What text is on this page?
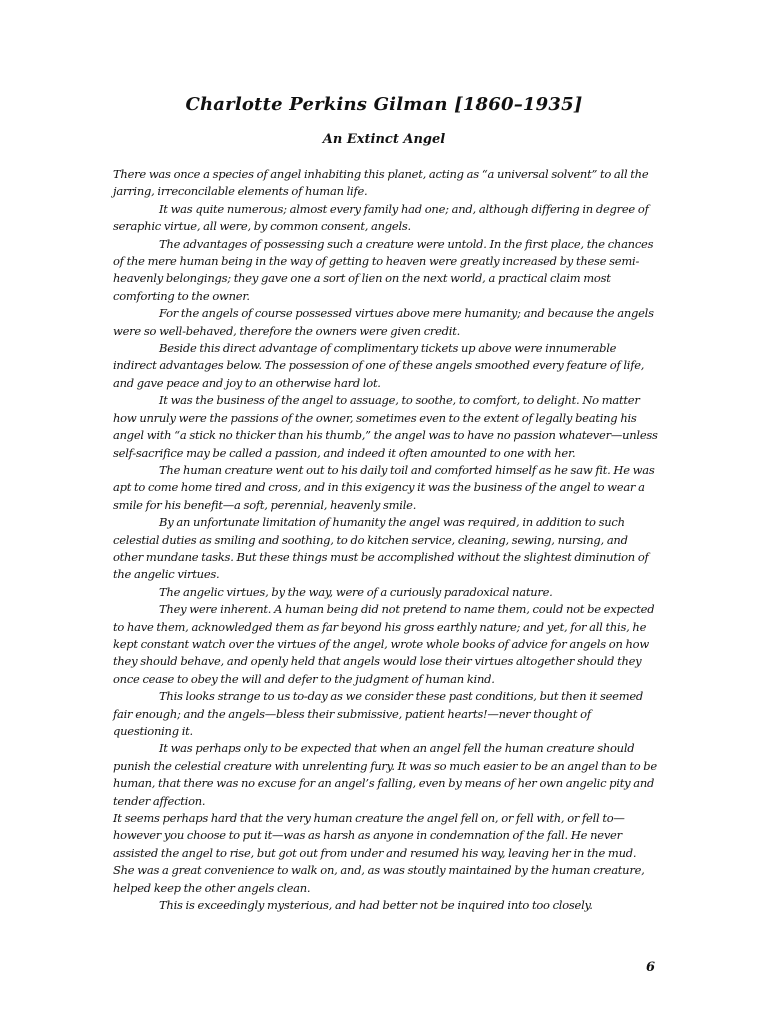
Charlotte Perkins Gilman [1860–1935]
An Extinct Angel

There was once a species of angel inhabiting this planet, acting as “a universal solvent” to all the jarring, irreconcilable elements of human life.

It was quite numerous; almost every family had one; and, although differing in degree of seraphic virtue, all were, by common consent, angels.

The advantages of possessing such a creature were untold. In the first place, the chances of the mere human being in the way of getting to heaven were greatly increased by these semi-heavenly belongings; they gave one a sort of lien on the next world, a practical claim most comforting to the owner.

For the angels of course possessed virtues above mere humanity; and because the angels were so well-behaved, therefore the owners were given credit.

Beside this direct advantage of complimentary tickets up above were innumerable indirect advantages below. The possession of one of these angels smoothed every feature of life, and gave peace and joy to an otherwise hard lot.

It was the business of the angel to assuage, to soothe, to comfort, to delight. No matter how unruly were the passions of the owner, sometimes even to the extent of legally beating his angel with “a stick no thicker than his thumb,” the angel was to have no passion whatever—unless self-sacrifice may be called a passion, and indeed it often amounted to one with her.

The human creature went out to his daily toil and comforted himself as he saw fit. He was apt to come home tired and cross, and in this exigency it was the business of the angel to wear a smile for his benefit—a soft, perennial, heavenly smile.

By an unfortunate limitation of humanity the angel was required, in addition to such celestial duties as smiling and soothing, to do kitchen service, cleaning, sewing, nursing, and other mundane tasks. But these things must be accomplished without the slightest diminution of the angelic virtues.

The angelic virtues, by the way, were of a curiously paradoxical nature.

They were inherent. A human being did not pretend to name them, could not be expected to have them, acknowledged them as far beyond his gross earthly nature; and yet, for all this, he kept constant watch over the virtues of the angel, wrote whole books of advice for angels on how they should behave, and openly held that angels would lose their virtues altogether should they once cease to obey the will and defer to the judgment of human kind.

This looks strange to us to-day as we consider these past conditions, but then it seemed fair enough; and the angels—bless their submissive, patient hearts!—never thought of questioning it.

It was perhaps only to be expected that when an angel fell the human creature should punish the celestial creature with unrelenting fury. It was so much easier to be an angel than to be human, that there was no excuse for an angel’s falling, even by means of her own angelic pity and tender affection.

It seems perhaps hard that the very human creature the angel fell on, or fell with, or fell to—however you choose to put it—was as harsh as anyone in condemnation of the fall. He never assisted the angel to rise, but got out from under and resumed his way, leaving her in the mud. She was a great convenience to walk on, and, as was stoutly maintained by the human creature, helped keep the other angels clean.

This is exceedingly mysterious, and had better not be inquired into too closely.

6
